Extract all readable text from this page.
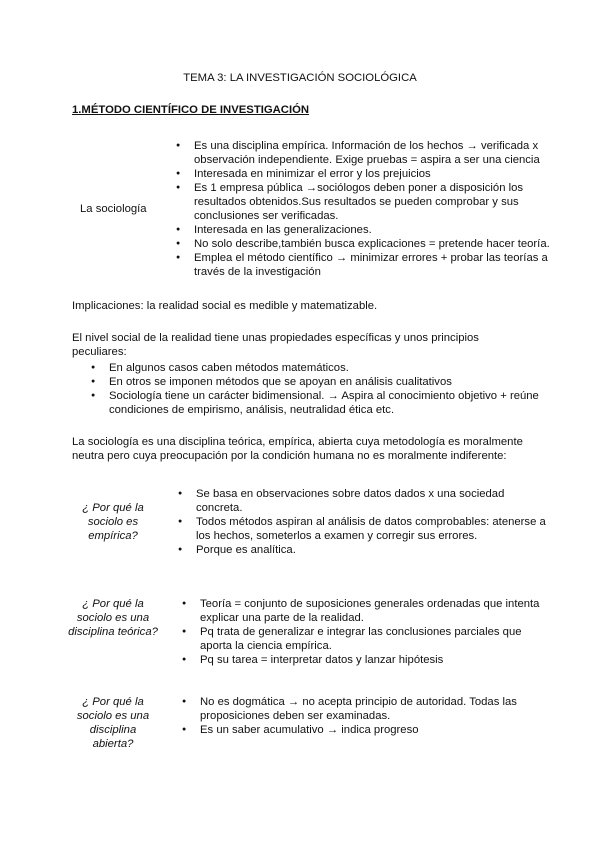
TEMA 3: LA INVESTIGACIÓN SOCIOLÓGICA
1.MÉTODO CIENTÍFICO DE INVESTIGACIÓN
La sociología
● Es una disciplina empírica. Información de los hechos → verificada x observación independiente. Exige pruebas = aspira a ser una ciencia
● Interesada en minimizar el error y los prejuicios
● Es 1 empresa pública →sociólogos deben poner a disposición los resultados obtenidos.Sus resultados se pueden comprobar y sus conclusiones ser verificadas.
● Interesada en las generalizaciones.
● No solo describe,también busca explicaciones = pretende hacer teoría.
● Emplea el método científico → minimizar errores + probar las teorías a través de la investigación

Implicaciones: la realidad social es medible y matematizable.

El nivel social de la realidad tiene unas propiedades específicas y unos principios peculiares:

● En algunos casos caben métodos matemáticos.
● En otros se imponen métodos que se apoyan en análisis cualitativos
● Sociología tiene un carácter bidimensional. → Aspira al conocimiento objetivo + reúne condiciones de empirismo, análisis, neutralidad ética etc.

La sociología es una disciplina teórica, empírica, abierta cuya metodología es moralmente neutra pero cuya preocupación por la condición humana no es moralmente indiferente:

¿ Por qué la sociolo es empírica?
● Se basa en observaciones sobre datos dados x una sociedad concreta.
● Todos métodos aspiran al análisis de datos comprobables: atenerse a los hechos, someterlos a examen y corregir sus errores.
● Porque es analítica.
¿ Por qué la sociolo es una disciplina teórica?
● Teoría = conjunto de suposiciones generales ordenadas que intenta explicar una parte de la realidad.
● Pq trata de generalizar e integrar las conclusiones parciales que aporta la ciencia empírica.
● Pq su tarea = interpretar datos y lanzar hipótesis
¿ Por qué la sociolo es una disciplina abierta?
● No es dogmática → no acepta principio de autoridad. Todas las proposiciones deben ser examinadas.
● Es un saber acumulativo → indica progreso
